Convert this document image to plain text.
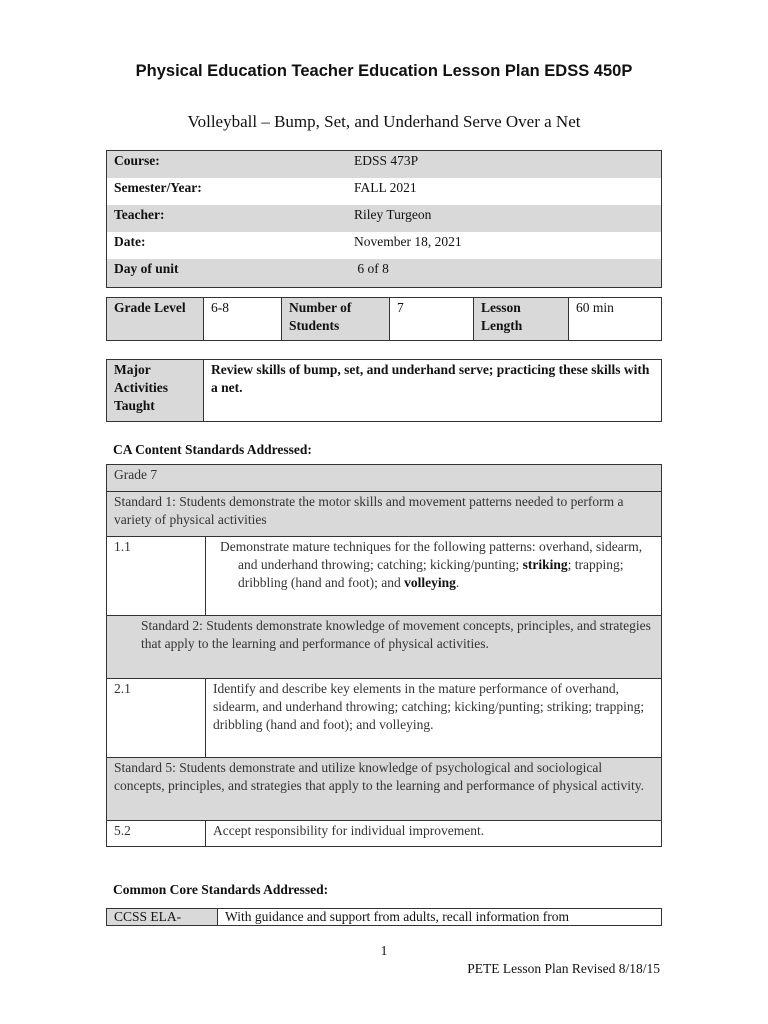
Physical Education Teacher Education Lesson Plan EDSS 450P
Volleyball – Bump, Set, and Underhand Serve Over a Net
Course:	EDSS 473P
Semester/Year:	FALL 2021
Teacher:	Riley Turgeon
Date:	November 18, 2021
Day of unit	6 of 8
Grade Level	6-8	Number of Students	7	Lesson Length	60 min
Major Activities Taught	Review skills of bump, set, and underhand serve; practicing these skills with a net.
CA Content Standards Addressed:
Grade 7	
Standard 1: Students demonstrate the motor skills and movement patterns needed to perform a variety of physical activities	
1.1	Demonstrate mature techniques for the following patterns: overhand, sidearm, and underhand throwing; catching; kicking/punting; striking; trapping; dribbling (hand and foot); and volleying.

Standard 2: Students demonstrate knowledge of movement concepts, principles, and strategies that apply to the learning and performance of physical activities.	

2.1	Identify and describe key elements in the mature performance of overhand, sidearm, and underhand throwing; catching; kicking/punting; striking; trapping; dribbling (hand and foot); and volleying.
Standard 5: Students demonstrate and utilize knowledge of psychological and sociological concepts, principles, and strategies that apply to the learning and performance of physical activity.	
5.2	Accept responsibility for individual improvement.
Common Core Standards Addressed:
CCSS ELA-	With guidance and support from adults, recall information from
1
PETE Lesson Plan Revised 8/18/15
